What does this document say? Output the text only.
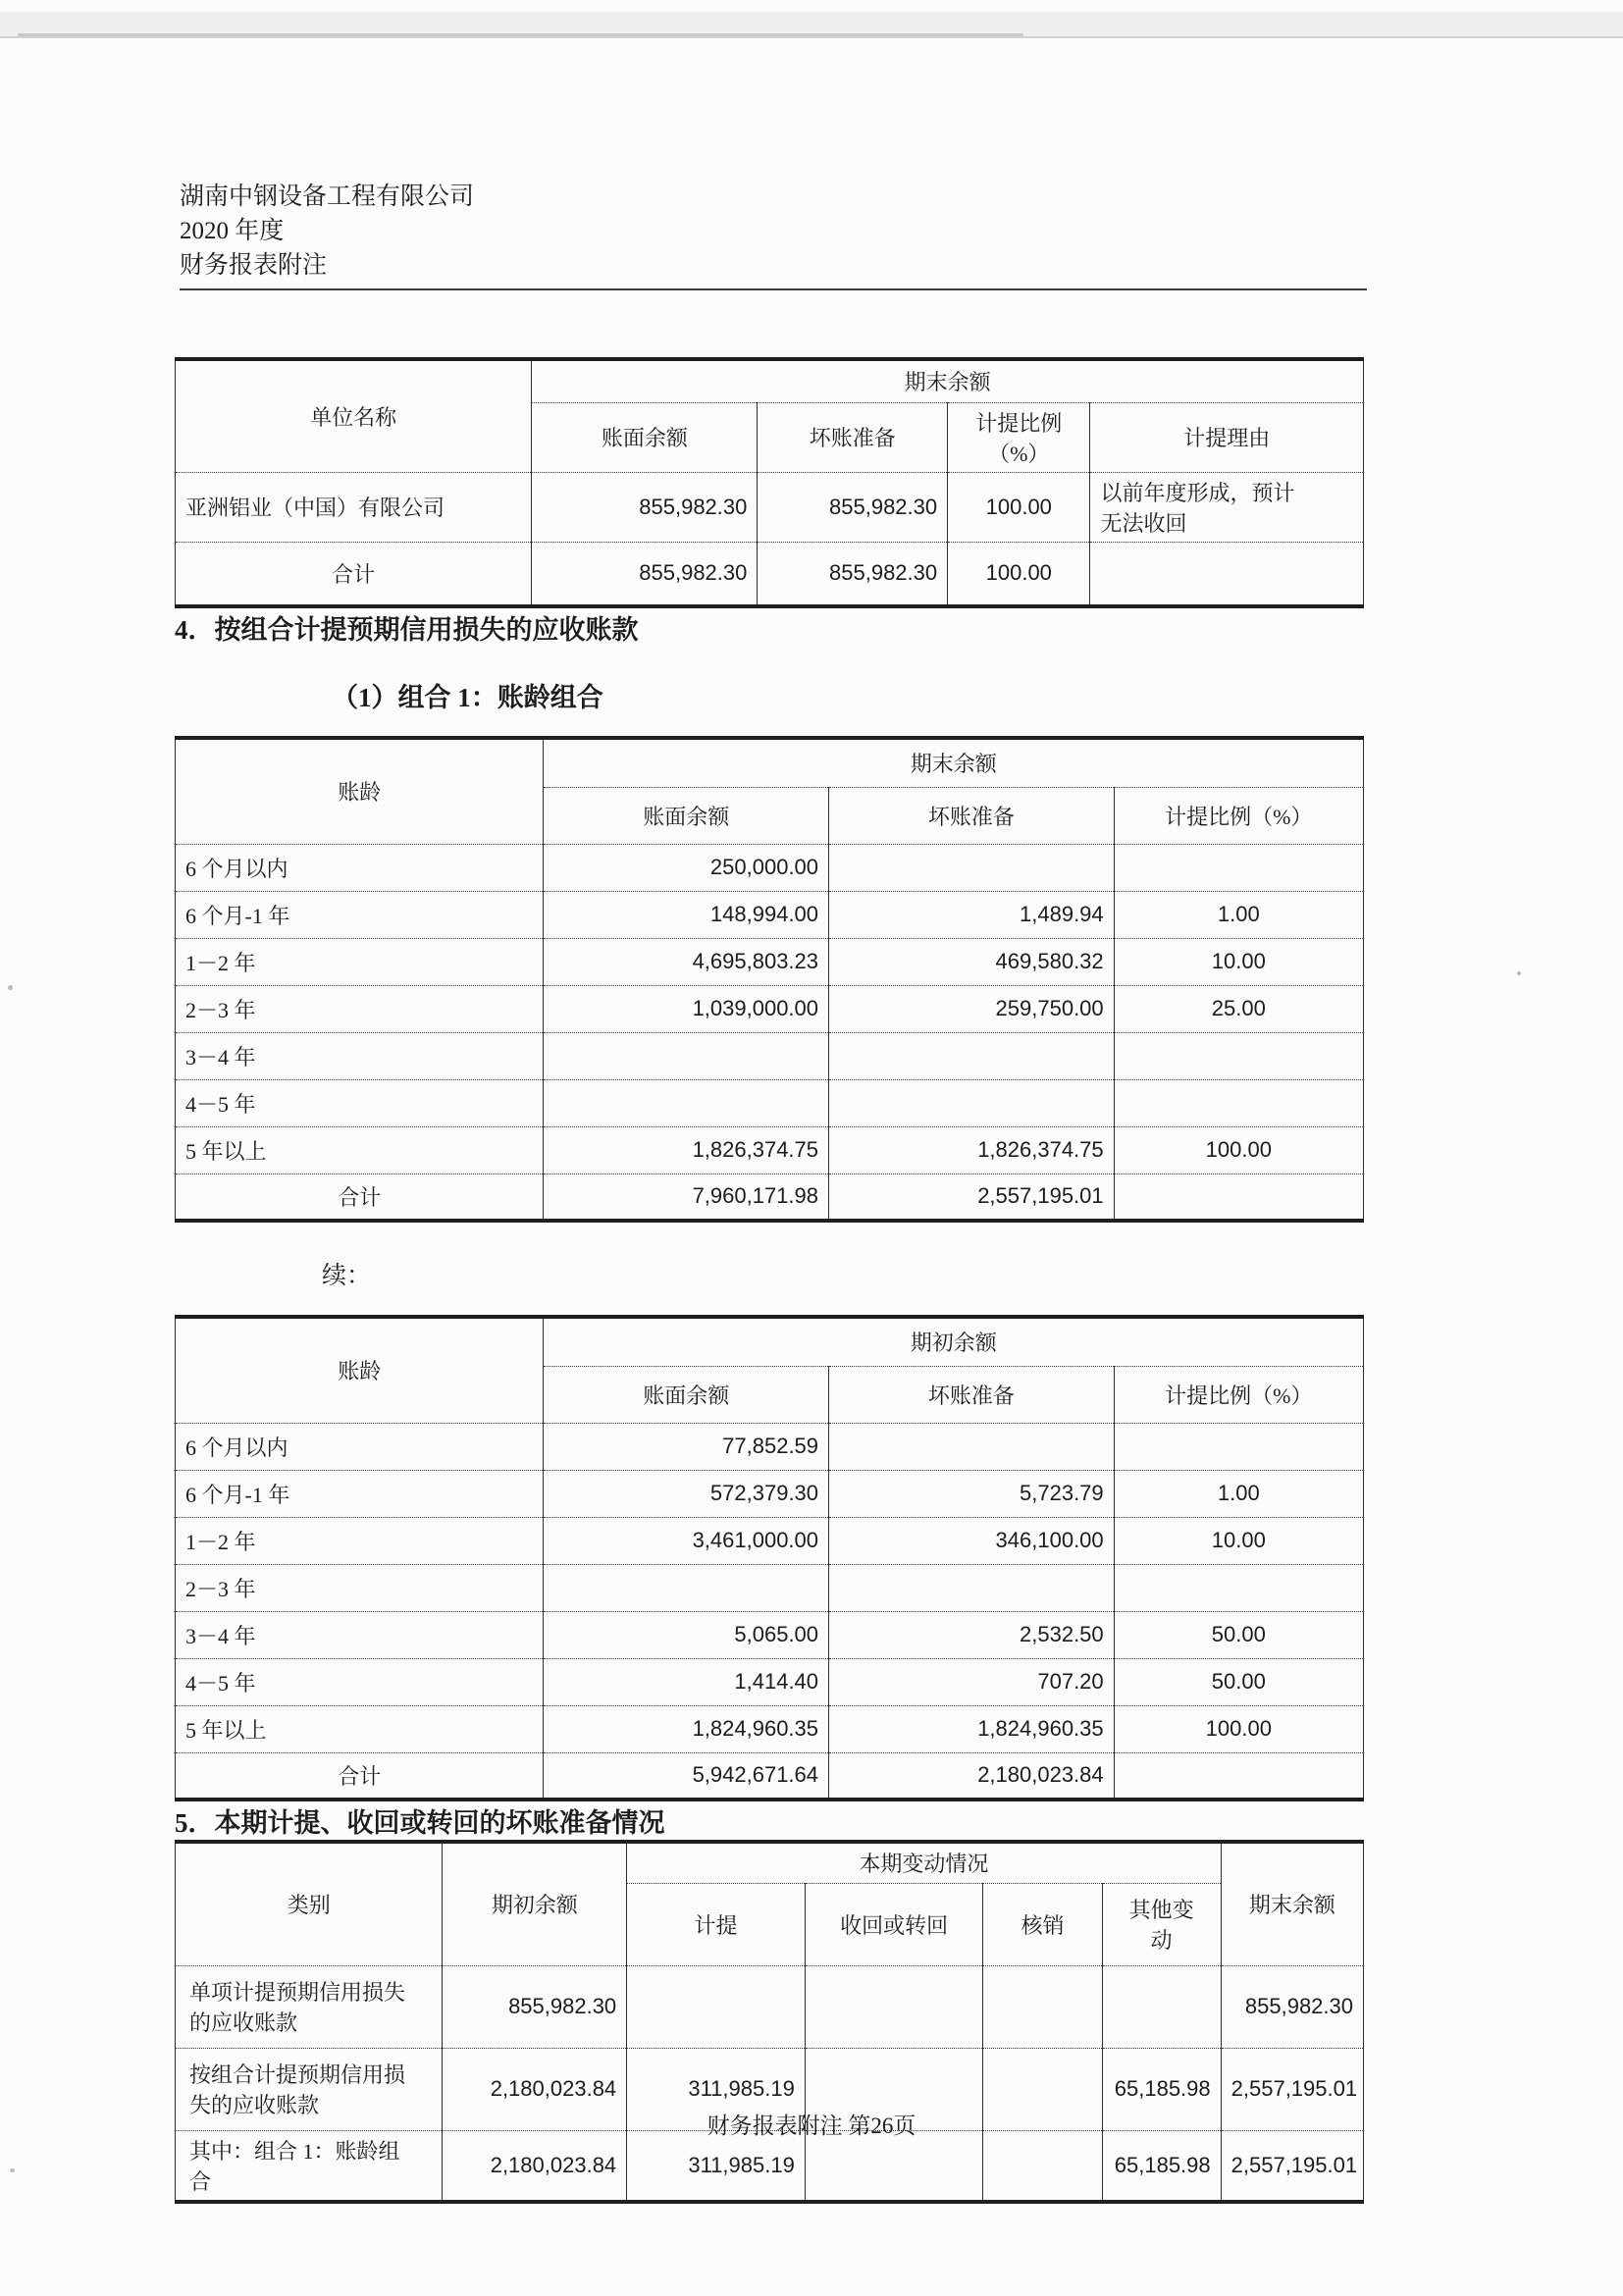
湖南中钢设备工程有限公司
2020 年度
财务报表附注
单位名称	期末余额			
	账面余额	坏账准备	计提比例（%）	计提理由
亚洲铝业（中国）有限公司	855,982.30	855,982.30	100.00	以前年度形成，预计无法收回
合计	855,982.30	855,982.30	100.00	
4．按组合计提预期信用损失的应收账款
（1）组合 1：账龄组合
账龄	期末余额		
	账面余额	坏账准备	计提比例（%）
6 个月以内	250,000.00		
6 个月-1 年	148,994.00	1,489.94	1.00
1－2 年	4,695,803.23	469,580.32	10.00
2－3 年	1,039,000.00	259,750.00	25.00
3－4 年			
4－5 年			
5 年以上	1,826,374.75	1,826,374.75	100.00
合计	7,960,171.98	2,557,195.01	
续：
账龄	期初余额		
	账面余额	坏账准备	计提比例（%）
6 个月以内	77,852.59		
6 个月-1 年	572,379.30	5,723.79	1.00
1－2 年	3,461,000.00	346,100.00	10.00
2－3 年			
3－4 年	5,065.00	2,532.50	50.00
4－5 年	1,414.40	707.20	50.00
5 年以上	1,824,960.35	1,824,960.35	100.00
合计	5,942,671.64	2,180,023.84	
5．本期计提、收回或转回的坏账准备情况
类别	期初余额	本期变动情况				期末余额
		计提	收回或转回	核销	其他变动	
单项计提预期信用损失的应收账款	855,982.30					855,982.30
按组合计提预期信用损失的应收账款	2,180,023.84	311,985.19			65,185.98	2,557,195.01
其中：组合 1：账龄组合	2,180,023.84	311,985.19			65,185.98	2,557,195.01
财务报表附注 第26页
